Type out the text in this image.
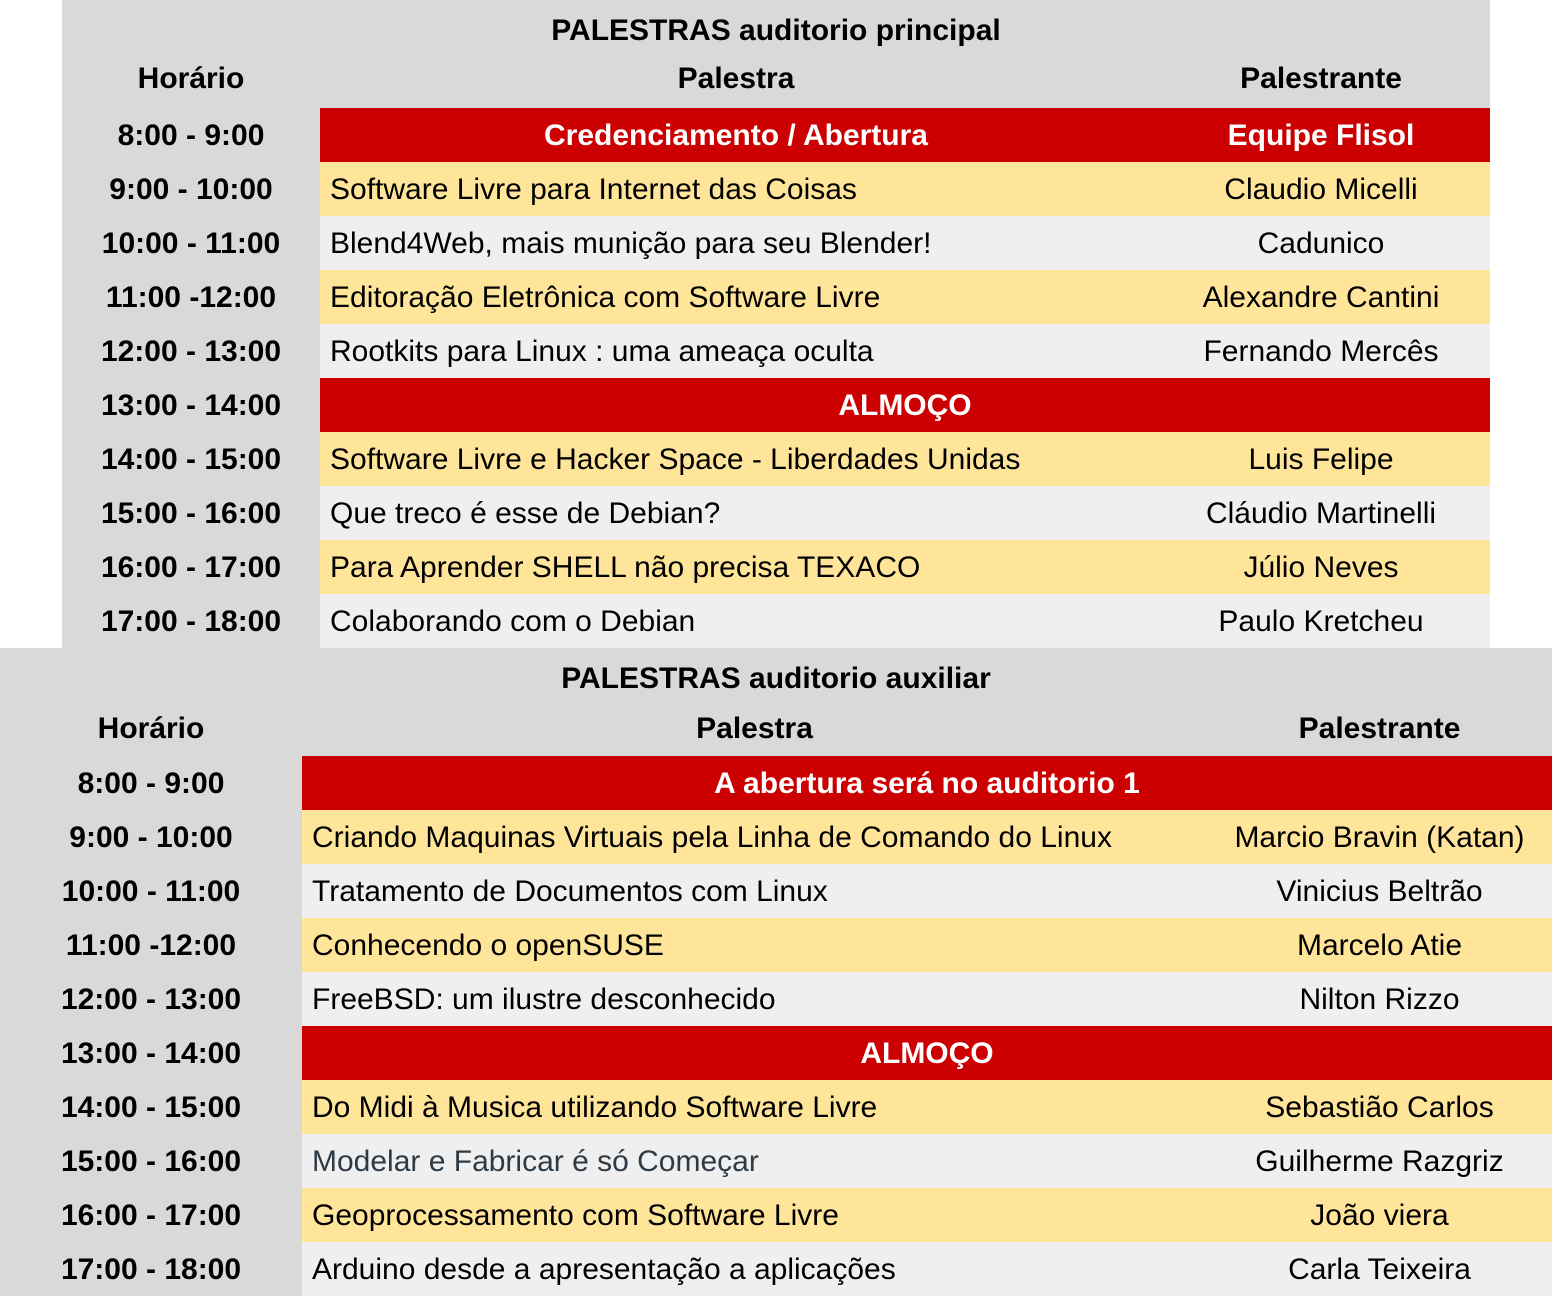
PALESTRAS auditorio principal
Horário	Palestra	Palestrante
8:00 - 9:00	Credenciamento / Abertura	Equipe Flisol
9:00 - 10:00	Software Livre para Internet das Coisas	Claudio Micelli
10:00 - 11:00	Blend4Web, mais munição para seu Blender!	Cadunico
11:00 -12:00	Editoração Eletrônica com Software Livre	Alexandre Cantini
12:00 - 13:00	Rootkits para Linux : uma ameaça oculta	Fernando Mercês
13:00 - 14:00	ALMOÇO
14:00 - 15:00	Software Livre e Hacker Space - Liberdades Unidas	Luis Felipe
15:00 - 16:00	Que treco é esse de Debian?	Cláudio Martinelli
16:00 - 17:00	Para Aprender SHELL não precisa TEXACO	Júlio Neves
17:00 - 18:00	Colaborando com o Debian	Paulo Kretcheu
PALESTRAS auditorio auxiliar
Horário	Palestra	Palestrante
8:00 - 9:00	A abertura será no auditorio 1
9:00 - 10:00	Criando Maquinas Virtuais pela Linha de Comando do Linux	Marcio Bravin (Katan)
10:00 - 11:00	Tratamento de Documentos com Linux	Vinicius Beltrão
11:00 -12:00	Conhecendo o openSUSE	Marcelo Atie
12:00 - 13:00	FreeBSD: um ilustre desconhecido	Nilton Rizzo
13:00 - 14:00	ALMOÇO
14:00 - 15:00	Do Midi à Musica utilizando Software Livre	Sebastião Carlos
15:00 - 16:00	Modelar e Fabricar é só Começar	Guilherme Razgriz
16:00 - 17:00	Geoprocessamento com Software Livre	João viera
17:00 - 18:00	Arduino desde a apresentação a aplicações	Carla Teixeira
